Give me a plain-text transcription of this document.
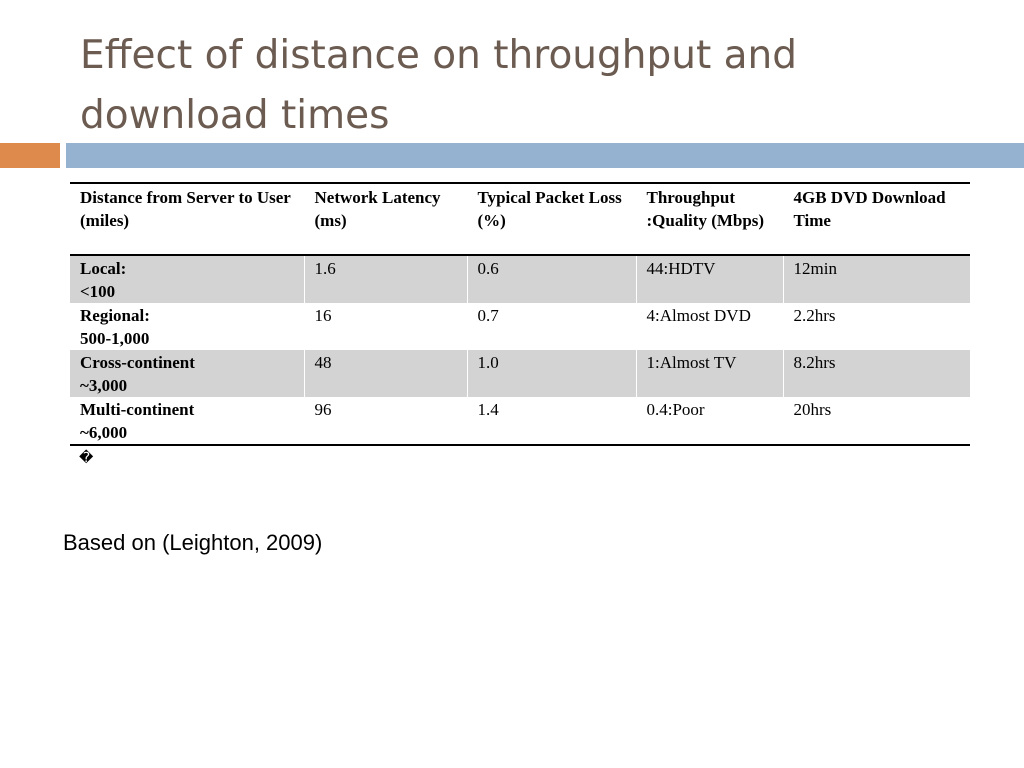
Effect of distance on throughput and download times
Distance from Server to User (miles)	Network Latency (ms)	Typical Packet Loss (%)	Throughput :Quality (Mbps)	4GB DVD Download Time

Local:
<100	1.6	0.6	44:HDTV	12min

Regional:
500-1,000	16	0.7	4:Almost DVD	2.2hrs

Cross-continent
~3,000	48	1.0	1:Almost TV	8.2hrs

Multi-continent
~6,000	96	1.4	0.4:Poor	20hrs
�
Based on (Leighton, 2009)
